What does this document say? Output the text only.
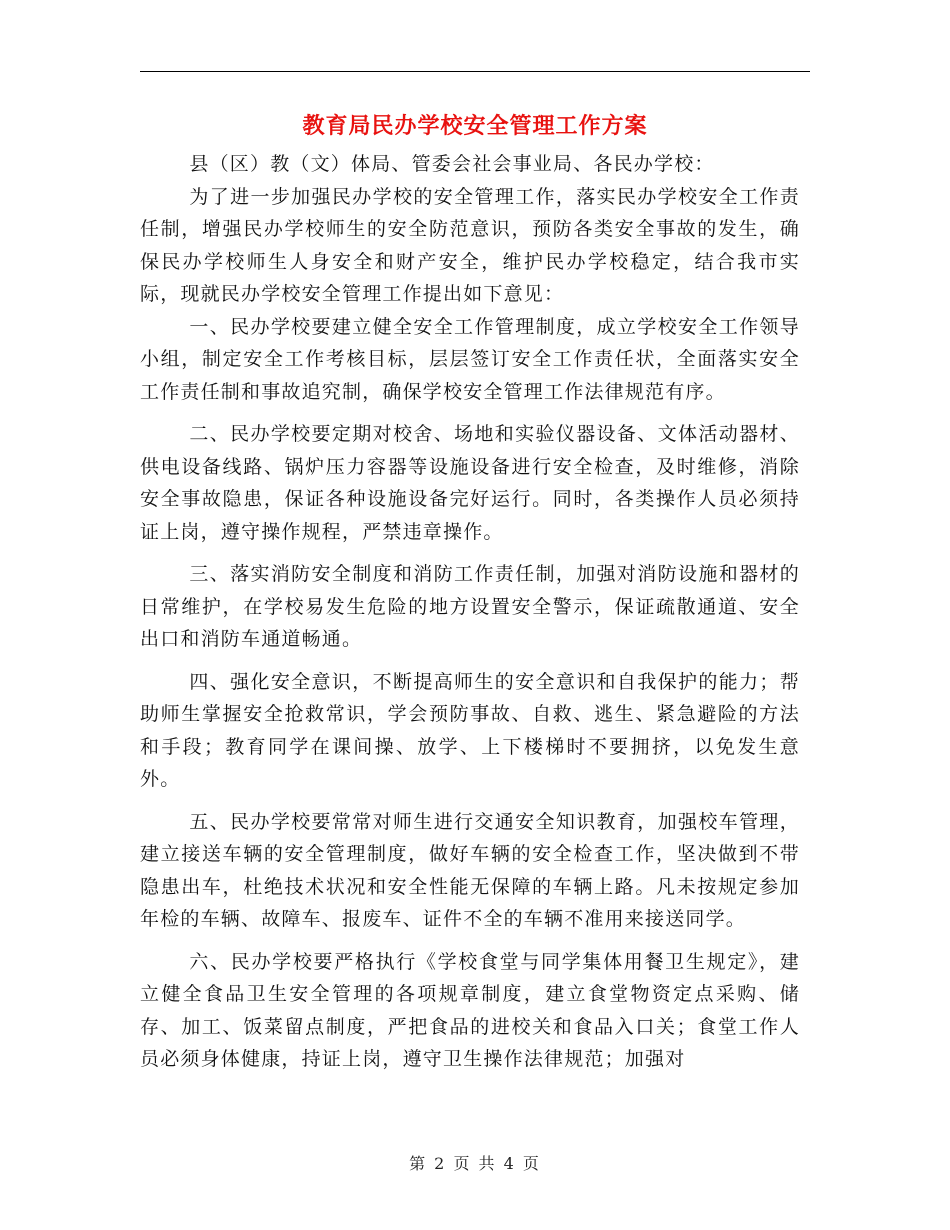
教育局民办学校安全管理工作方案

县（区）教（文）体局、管委会社会事业局、各民办学校：

为了进一步加强民办学校的安全管理工作，落实民办学校安全工作责任制，增强民办学校师生的安全防范意识，预防各类安全事故的发生，确保民办学校师生人身安全和财产安全，维护民办学校稳定，结合我市实际，现就民办学校安全管理工作提出如下意见：

一、民办学校要建立健全安全工作管理制度，成立学校安全工作领导小组，制定安全工作考核目标，层层签订安全工作责任状，全面落实安全工作责任制和事故追究制，确保学校安全管理工作法律规范有序。

二、民办学校要定期对校舍、场地和实验仪器设备、文体活动器材、供电设备线路、锅炉压力容器等设施设备进行安全检查，及时维修，消除安全事故隐患，保证各种设施设备完好运行。同时，各类操作人员必须持证上岗，遵守操作规程，严禁违章操作。

三、落实消防安全制度和消防工作责任制，加强对消防设施和器材的日常维护，在学校易发生危险的地方设置安全警示，保证疏散通道、安全出口和消防车通道畅通。

四、强化安全意识，不断提高师生的安全意识和自我保护的能力；帮助师生掌握安全抢救常识，学会预防事故、自救、逃生、紧急避险的方法和手段；教育同学在课间操、放学、上下楼梯时不要拥挤，以免发生意外。

五、民办学校要常常对师生进行交通安全知识教育，加强校车管理，建立接送车辆的安全管理制度，做好车辆的安全检查工作，坚决做到不带隐患出车，杜绝技术状况和安全性能无保障的车辆上路。凡未按规定参加年检的车辆、故障车、报废车、证件不全的车辆不准用来接送同学。

六、民办学校要严格执行《学校食堂与同学集体用餐卫生规定》，建立健全食品卫生安全管理的各项规章制度，建立食堂物资定点采购、储存、加工、饭菜留点制度，严把食品的进校关和食品入口关；食堂工作人员必须身体健康，持证上岗，遵守卫生操作法律规范；加强对

第 2 页 共 4 页
